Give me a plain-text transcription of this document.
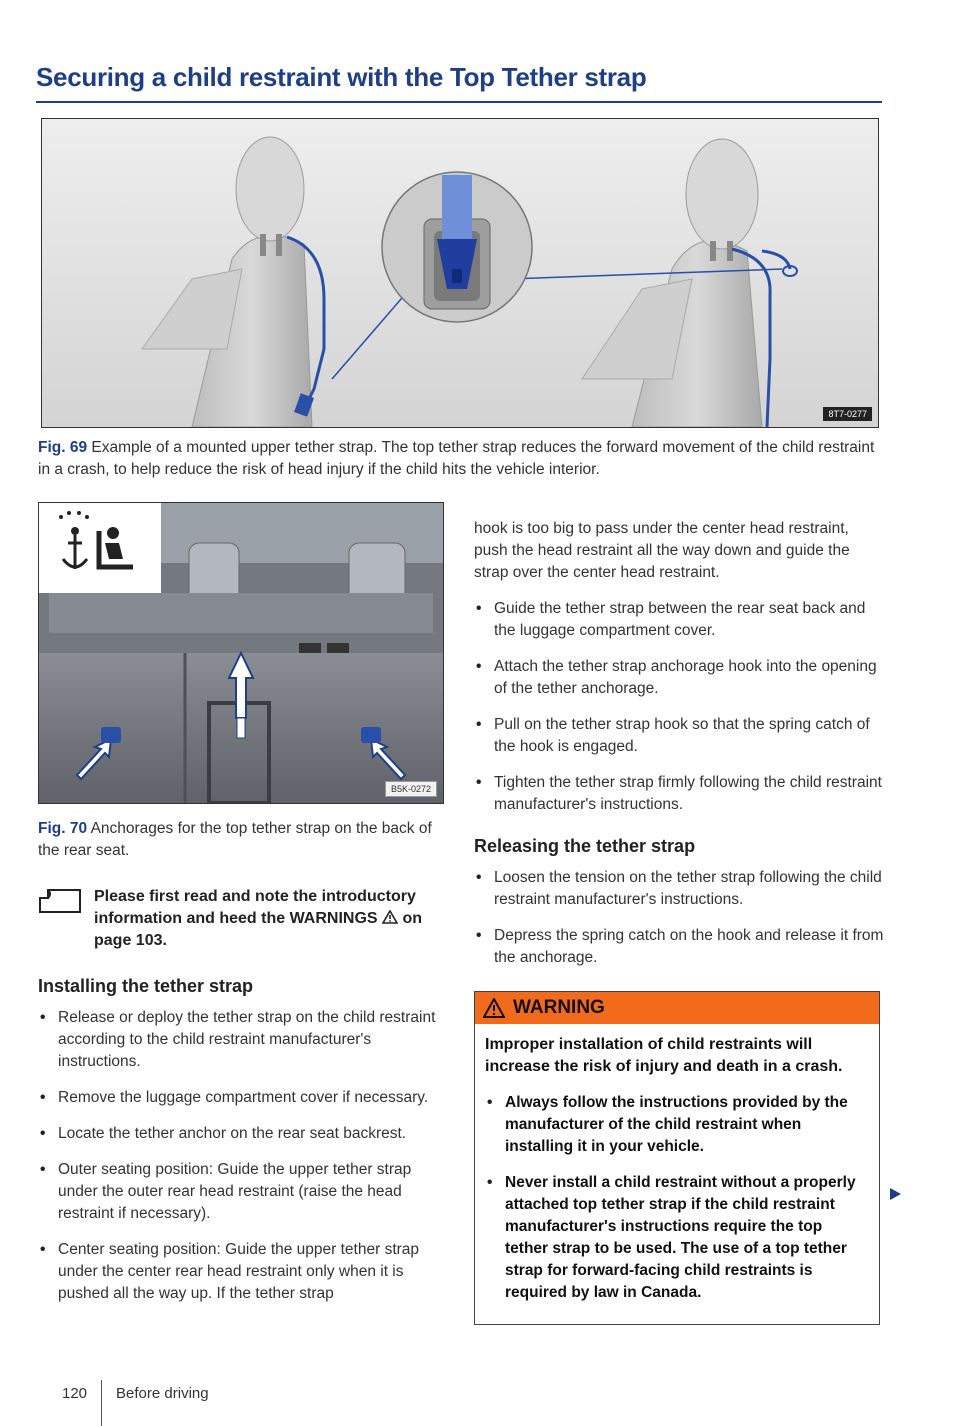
Securing a child restraint with the Top Tether strap
8T7-0277
Fig. 69 Example of a mounted upper tether strap. The top tether strap reduces the forward movement of the child restraint in a crash, to help reduce the risk of head injury if the child hits the vehicle interior.
B5K-0272
Fig. 70 Anchorages for the top tether strap on the back of the rear seat.
Please first read and note the introductory information and heed the WARNINGS on page 103.
Installing the tether strap
• Release or deploy the tether strap on the child restraint according to the child restraint manufacturer's instructions.
• Remove the luggage compartment cover if necessary.
• Locate the tether anchor on the rear seat backrest.
• Outer seating position: Guide the upper tether strap under the outer rear head restraint (raise the head restraint if necessary).
• Center seating position: Guide the upper tether strap under the center rear head restraint only when it is pushed all the way up. If the tether strap
hook is too big to pass under the center head restraint, push the head restraint all the way down and guide the strap over the center head restraint.
• Guide the tether strap between the rear seat back and the luggage compartment cover.
• Attach the tether strap anchorage hook into the opening of the tether anchorage.
• Pull on the tether strap hook so that the spring catch of the hook is engaged.
• Tighten the tether strap firmly following the child restraint manufacturer's instructions.
Releasing the tether strap
• Loosen the tension on the tether strap following the child restraint manufacturer's instructions.
• Depress the spring catch on the hook and release it from the anchorage.
WARNING
Improper installation of child restraints will increase the risk of injury and death in a crash.
• Always follow the instructions provided by the manufacturer of the child restraint when installing it in your vehicle.
• Never install a child restraint without a properly attached top tether strap if the child restraint manufacturer's instructions require the top tether strap to be used. The use of a top tether strap for forward-facing child restraints is required by law in Canada.
120 Before driving
